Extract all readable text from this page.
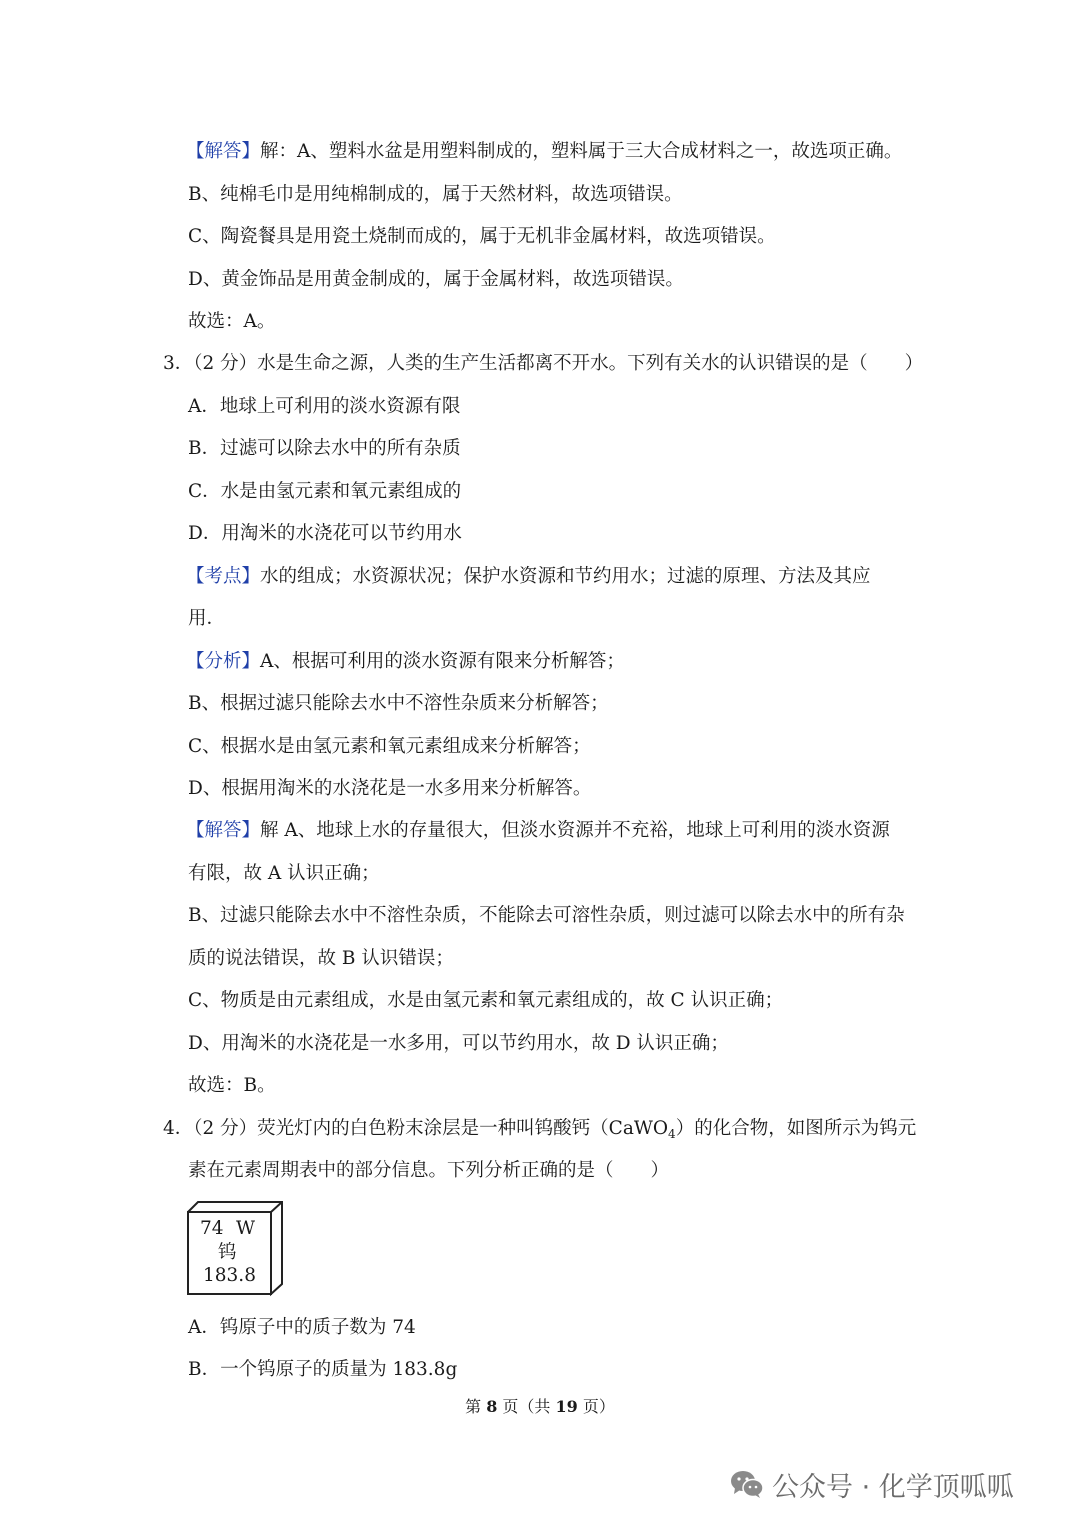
【解答】解：A、塑料水盆是用塑料制成的，塑料属于三大合成材料之一，故选项正确。
B、纯棉毛巾是用纯棉制成的，属于天然材料，故选项错误。
C、陶瓷餐具是用瓷土烧制而成的，属于无机非金属材料，故选项错误。
D、黄金饰品是用黄金制成的，属于金属材料，故选项错误。
故选：A。
3．（2 分）水是生命之源，人类的生产生活都离不开水。下列有关水的认识错误的是（　　）
A．地球上可利用的淡水资源有限
B．过滤可以除去水中的所有杂质
C．水是由氢元素和氧元素组成的
D．用淘米的水浇花可以节约用水
【考点】水的组成；水资源状况；保护水资源和节约用水；过滤的原理、方法及其应
用．
【分析】A、根据可利用的淡水资源有限来分析解答；
B、根据过滤只能除去水中不溶性杂质来分析解答；
C、根据水是由氢元素和氧元素组成来分析解答；
D、根据用淘米的水浇花是一水多用来分析解答。
【解答】解 A、地球上水的存量很大，但淡水资源并不充裕，地球上可利用的淡水资源
有限，故 A 认识正确；
B、过滤只能除去水中不溶性杂质，不能除去可溶性杂质，则过滤可以除去水中的所有杂
质的说法错误，故 B 认识错误；
C、物质是由元素组成，水是由氢元素和氧元素组成的，故 C 认识正确；
D、用淘米的水浇花是一水多用，可以节约用水，故 D 认识正确；
故选：B。
4．（2 分）荧光灯内的白色粉末涂层是一种叫钨酸钙（CaWO$_4$）的化合物，如图所示为钨元
素在元素周期表中的部分信息。下列分析正确的是（　　）
74 W
钨
183.8
A．钨原子中的质子数为 74
B．一个钨原子的质量为 183.8g
第 8 页（共 19 页）
公众号 · 化学顶呱呱
